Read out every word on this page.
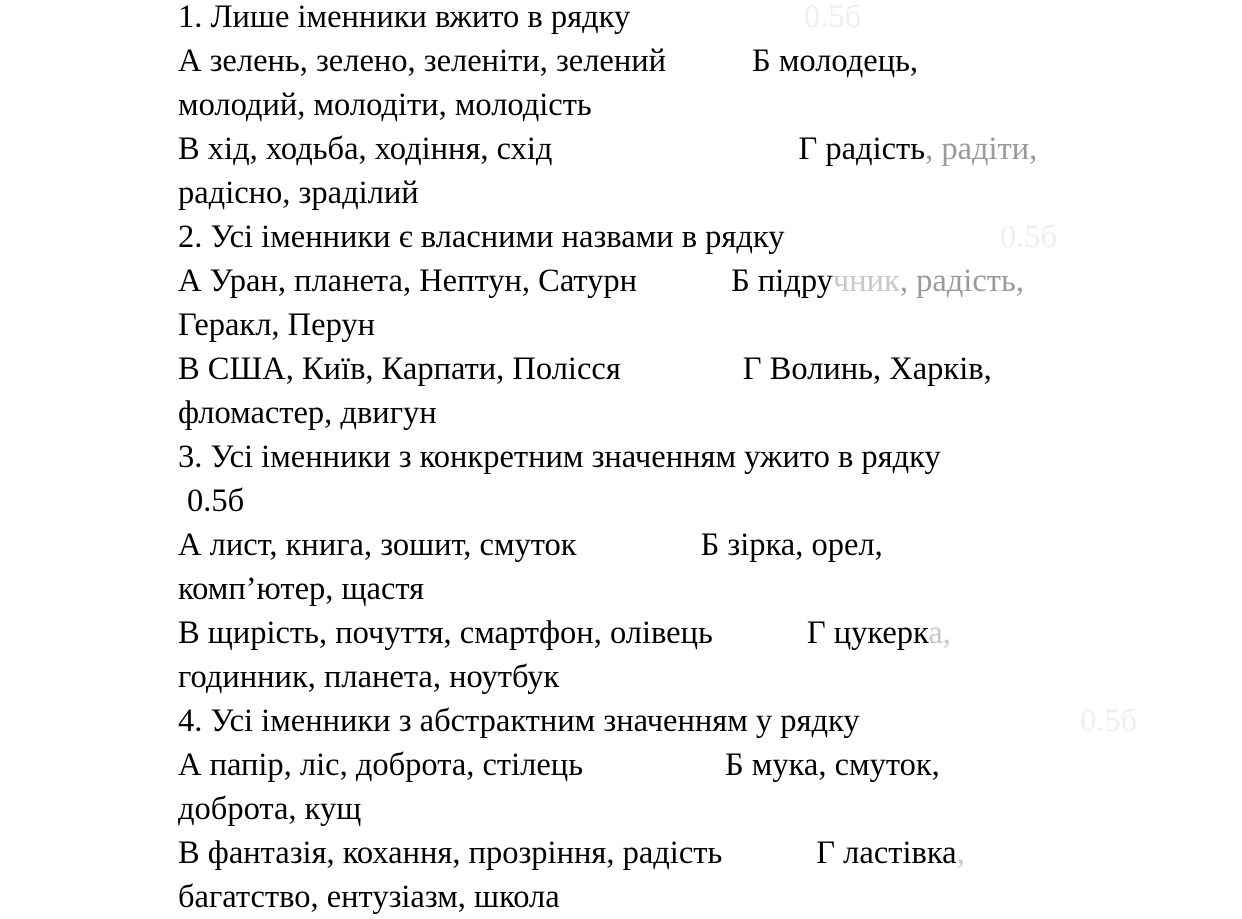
1. Лише іменники вжито в рядку	0.5б
А зелень, зелено, зеленіти, зелений	Б молодець,
молодий, молодіти, молодість
В хід, ходьба, ходіння, схід	Г радість, радіти,
радісно, зраділий
2. Усі іменники є власними назвами в рядку	0.5б
А Уран, планета, Нептун, Сатурн	Б підручник, радість,
Геракл, Перун
В США, Київ, Карпати, Полісся	Г Волинь, Харків,
фломастер, двигун
3. Усі іменники з конкретним значенням ужито в рядку
0.5б
А лист, книга, зошит, смуток	Б зірка, орел,
комп’ютер, щастя
В щирість, почуття, смартфон, олівець	Г цукерка,
годинник, планета, ноутбук
4. Усі іменники з абстрактним значенням у рядку	0.5б
А папір, ліс, доброта, стілець	Б мука, смуток,
доброта, кущ
В фантазія, кохання, прозріння, радість	Г ластівка,
багатство, ентузіазм, школа
